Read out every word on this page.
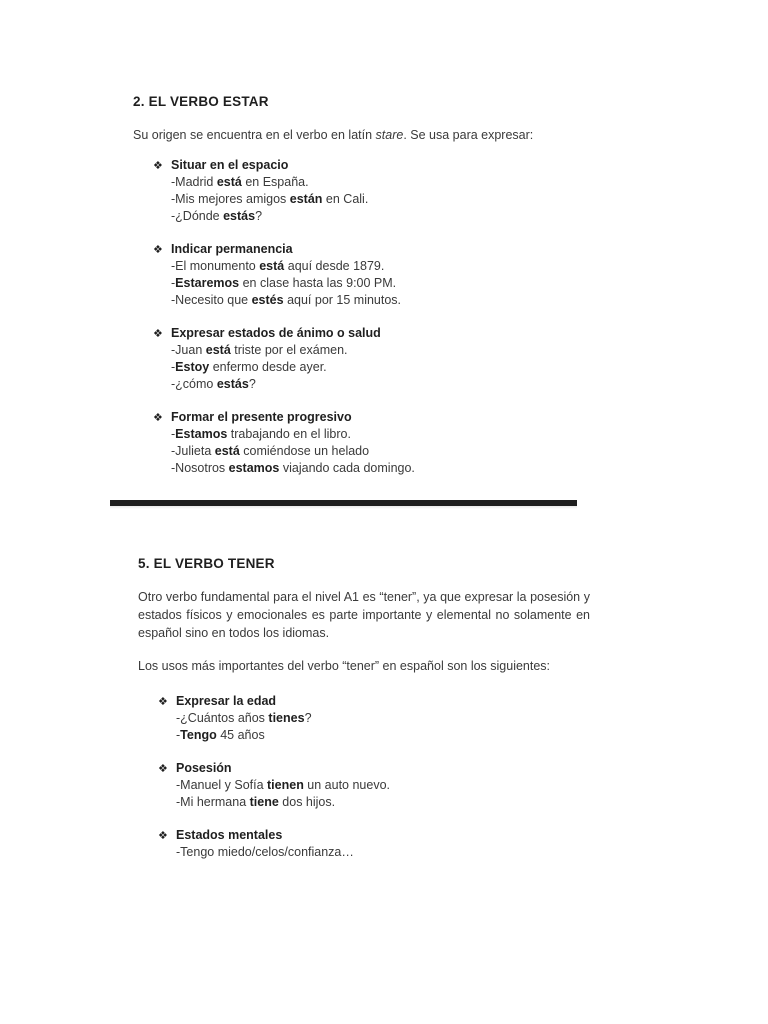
2. EL VERBO ESTAR

Su origen se encuentra en el verbo en latín stare. Se usa para expresar:

❖ Situar en el espacio
-Madrid está en España.
-Mis mejores amigos están en Cali.
-¿Dónde estás?
❖ Indicar permanencia
-El monumento está aquí desde 1879.
-Estaremos en clase hasta las 9:00 PM.
-Necesito que estés aquí por 15 minutos.
❖ Expresar estados de ánimo o salud
-Juan está triste por el exámen.
-Estoy enfermo desde ayer.
-¿cómo estás?
❖ Formar el presente progresivo
-Estamos trabajando en el libro.
-Julieta está comiéndose un helado
-Nosotros estamos viajando cada domingo.
5. EL VERBO TENER

Otro verbo fundamental para el nivel A1 es “tener”, ya que expresar la posesión y estados físicos y emocionales es parte importante y elemental no solamente en español sino en todos los idiomas.

Los usos más importantes del verbo “tener” en español son los siguientes:

❖ Expresar la edad
-¿Cuántos años tienes?
-Tengo 45 años
❖ Posesión
-Manuel y Sofía tienen un auto nuevo.
-Mi hermana tiene dos hijos.
❖ Estados mentales
-Tengo miedo/celos/confianza…
